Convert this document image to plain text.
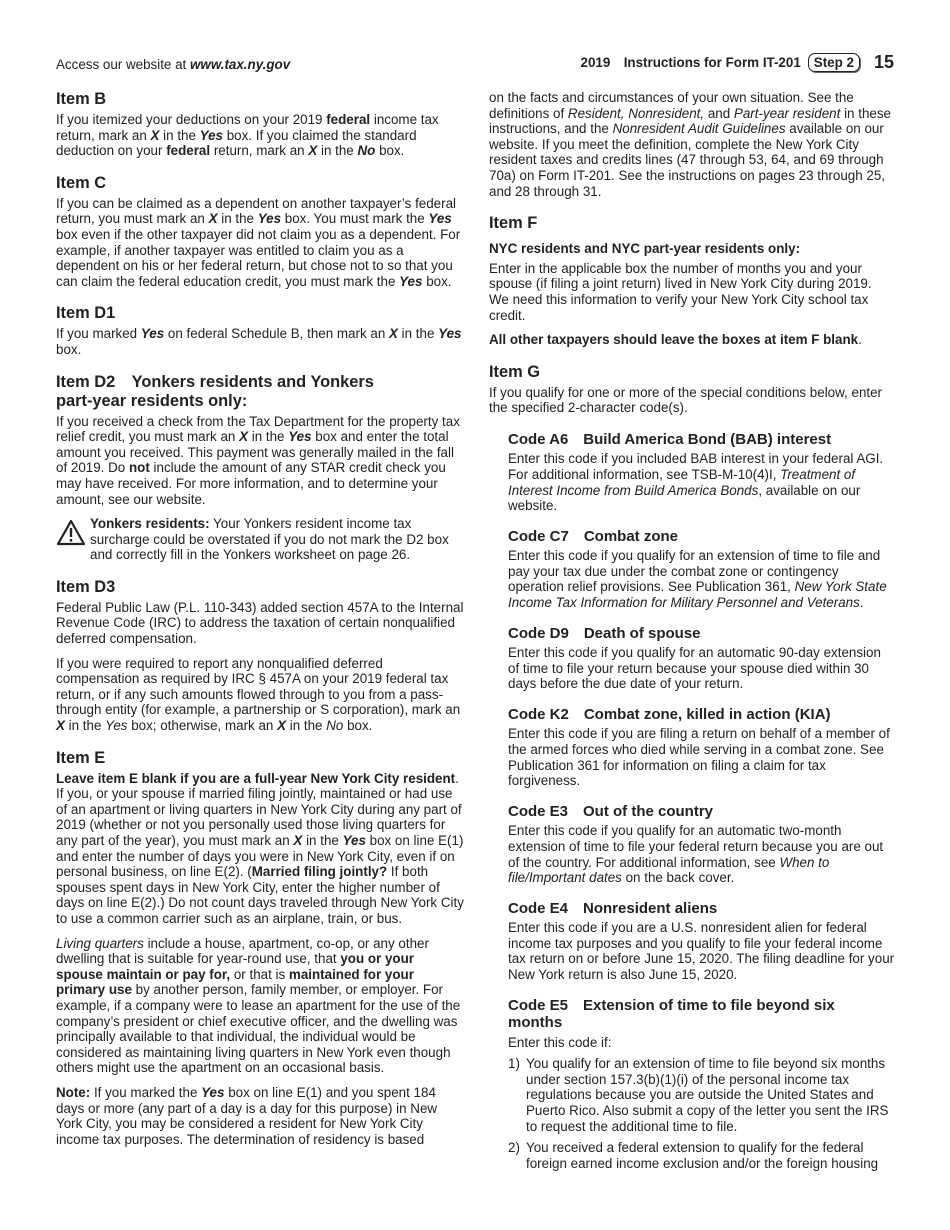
Access our website at www.tax.ny.gov	2019 Instructions for Form IT-201 Step 2	15
Item B

If you itemized your deductions on your 2019 federal income tax return, mark an X in the Yes box. If you claimed the standard deduction on your federal return, mark an X in the No box.

Item C

If you can be claimed as a dependent on another taxpayer’s federal return, you must mark an X in the Yes box. You must mark the Yes box even if the other taxpayer did not claim you as a dependent. For example, if another taxpayer was entitled to claim you as a dependent on his or her federal return, but chose not to so that you can claim the federal education credit, you must mark the Yes box.

Item D1

If you marked Yes on federal Schedule B, then mark an X in the Yes box.

Item D2 Yonkers residents and Yonkers part-year residents only:

If you received a check from the Tax Department for the property tax relief credit, you must mark an X in the Yes box and enter the total amount you received. This payment was generally mailed in the fall of 2019. Do not include the amount of any STAR credit check you may have received. For more information, and to determine your amount, see our website.

Yonkers residents: Your Yonkers resident income tax surcharge could be overstated if you do not mark the D2 box and correctly fill in the Yonkers worksheet on page 26.

Item D3

Federal Public Law (P.L. 110-343) added section 457A to the Internal Revenue Code (IRC) to address the taxation of certain nonqualified deferred compensation.

If you were required to report any nonqualified deferred compensation as required by IRC § 457A on your 2019 federal tax return, or if any such amounts flowed through to you from a pass-through entity (for example, a partnership or S corporation), mark an X in the Yes box; otherwise, mark an X in the No box.

Item E

Leave item E blank if you are a full-year New York City resident. If you, or your spouse if married filing jointly, maintained or had use of an apartment or living quarters in New York City during any part of 2019 (whether or not you personally used those living quarters for any part of the year), you must mark an X in the Yes box on line E(1) and enter the number of days you were in New York City, even if on personal business, on line E(2). (Married filing jointly? If both spouses spent days in New York City, enter the higher number of days on line E(2).) Do not count days traveled through New York City to use a common carrier such as an airplane, train, or bus.

Living quarters include a house, apartment, co-op, or any other dwelling that is suitable for year-round use, that you or your spouse maintain or pay for, or that is maintained for your primary use by another person, family member, or employer. For example, if a company were to lease an apartment for the use of the company’s president or chief executive officer, and the dwelling was principally available to that individual, the individual would be considered as maintaining living quarters in New York even though others might use the apartment on an occasional basis.

Note: If you marked the Yes box on line E(1) and you spent 184 days or more (any part of a day is a day for this purpose) in New York City, you may be considered a resident for New York City income tax purposes. The determination of residency is based

on the facts and circumstances of your own situation. See the definitions of Resident, Nonresident, and Part-year resident in these instructions, and the Nonresident Audit Guidelines available on our website. If you meet the definition, complete the New York City resident taxes and credits lines (47 through 53, 64, and 69 through 70a) on Form IT-201. See the instructions on pages 23 through 25, and 28 through 31.

Item F

NYC residents and NYC part-year residents only:

Enter in the applicable box the number of months you and your spouse (if filing a joint return) lived in New York City during 2019. We need this information to verify your New York City school tax credit.

All other taxpayers should leave the boxes at item F blank.

Item G

If you qualify for one or more of the special conditions below, enter the specified 2-character code(s).

Code A6 Build America Bond (BAB) interest

Enter this code if you included BAB interest in your federal AGI. For additional information, see TSB-M-10(4)I, Treatment of Interest Income from Build America Bonds, available on our website.

Code C7 Combat zone

Enter this code if you qualify for an extension of time to file and pay your tax due under the combat zone or contingency operation relief provisions. See Publication 361, New York State Income Tax Information for Military Personnel and Veterans.

Code D9 Death of spouse

Enter this code if you qualify for an automatic 90-day extension of time to file your return because your spouse died within 30 days before the due date of your return.

Code K2 Combat zone, killed in action (KIA)

Enter this code if you are filing a return on behalf of a member of the armed forces who died while serving in a combat zone. See Publication 361 for information on filing a claim for tax forgiveness.

Code E3 Out of the country

Enter this code if you qualify for an automatic two-month extension of time to file your federal return because you are out of the country. For additional information, see When to file/Important dates on the back cover.

Code E4 Nonresident aliens

Enter this code if you are a U.S. nonresident alien for federal income tax purposes and you qualify to file your federal income tax return on or before June 15, 2020. The filing deadline for your New York return is also June 15, 2020.

Code E5 Extension of time to file beyond six months

Enter this code if:

1) You qualify for an extension of time to file beyond six months under section 157.3(b)(1)(i) of the personal income tax regulations because you are outside the United States and Puerto Rico. Also submit a copy of the letter you sent the IRS to request the additional time to file.
2) You received a federal extension to qualify for the federal foreign earned income exclusion and/or the foreign housing
